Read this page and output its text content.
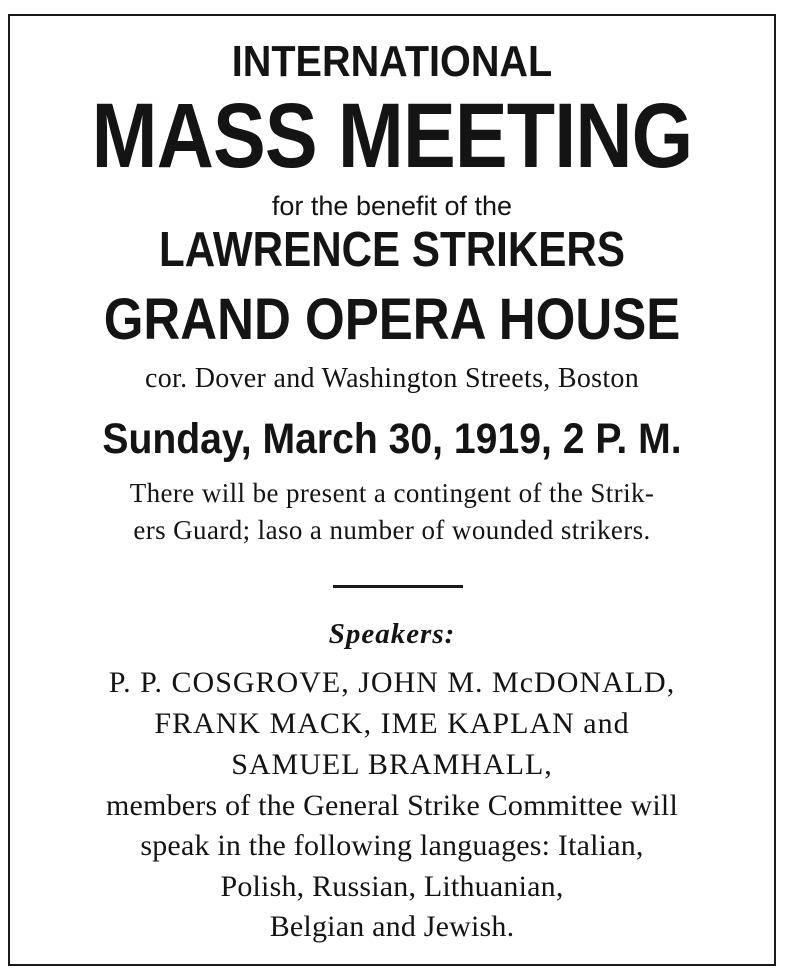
INTERNATIONAL
MASS MEETING

for the benefit of the

LAWRENCE STRIKERS
GRAND OPERA HOUSE

cor. Dover and Washington Streets, Boston

Sunday, March 30, 1919, 2 P. M.

There will be present a contingent of the Strik-

ers Guard; laso a number of wounded strikers.

Speakers:

P. P. COSGROVE, JOHN M. McDONALD,

FRANK MACK, IME KAPLAN and

SAMUEL BRAMHALL,

members of the General Strike Committee will

speak in the following languages: Italian,

Polish, Russian, Lithuanian,

Belgian and Jewish.
